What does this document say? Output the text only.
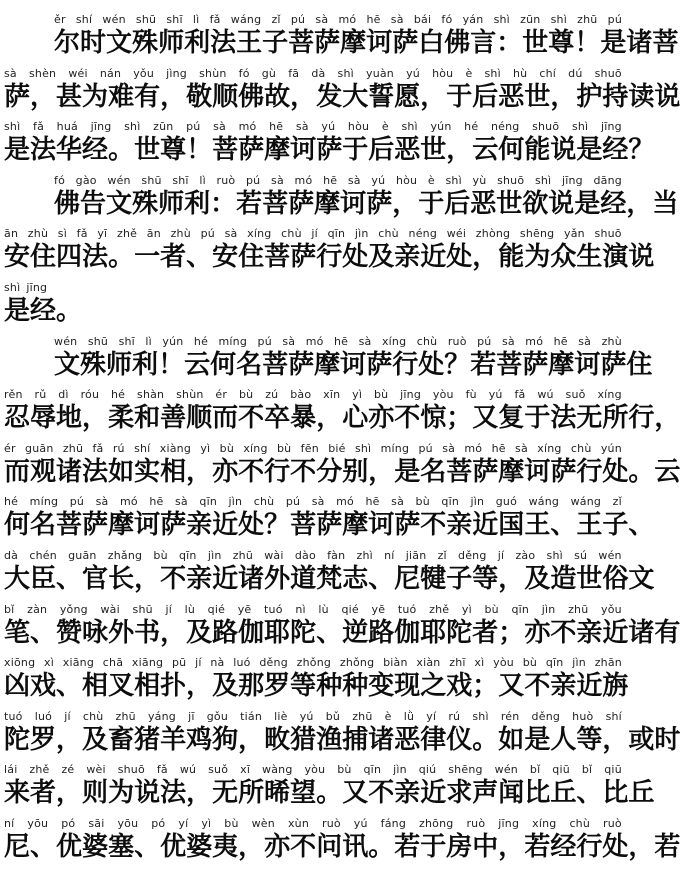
ěr shí wén shū shī lì fǎ wáng zǐ pú sà mó hē sà bái fó yán shì zūn shì zhū pú
尔 时 文 殊 师 利 法 王 子 菩 萨 摩 诃 萨 白 佛 言 ： 世 尊 ！ 是 诸 菩
sà shèn wéi nán yǒu jìng shùn fó gù fā dà shì yuàn yú hòu è shì hù chí dú shuō
萨 ， 甚 为 难 有 ， 敬 顺 佛 故 ， 发 大 誓 愿 ， 于 后 恶 世 ， 护 持 读 说
shì fǎ huá jīng shì zūn pú sà mó hē sà yú hòu è shì yún hé néng shuō shì jīng
是 法 华 经 。 世 尊 ！ 菩 萨 摩 诃 萨 于 后 恶 世 ， 云 何 能 说 是 经 ？
fó gào wén shū shī lì ruò pú sà mó hē sà yú hòu è shì yù shuō shì jīng dāng
佛 告 文 殊 师 利 ： 若 菩 萨 摩 诃 萨 ， 于 后 恶 世 欲 说 是 经 ， 当
ān zhù sì fǎ yī zhě ān zhù pú sà xíng chù jí qīn jìn chù néng wéi zhòng shēng yǎn shuō
安 住 四 法 。 一 者 、 安 住 菩 萨 行 处 及 亲 近 处 ， 能 为 众 生 演 说
shì jīng
是 经 。
wén shū shī lì yún hé míng pú sà mó hē sà xíng chù ruò pú sà mó hē sà zhù
文 殊 师 利 ！ 云 何 名 菩 萨 摩 诃 萨 行 处 ？ 若 菩 萨 摩 诃 萨 住
rěn rǔ dì róu hé shàn shùn ér bù zú bào xīn yì bù jīng yòu fù yú fǎ wú suǒ xíng
忍 辱 地 ， 柔 和 善 顺 而 不 卒 暴 ， 心 亦 不 惊 ； 又 复 于 法 无 所 行 ，
ér guān zhū fǎ rú shí xiàng yì bù xíng bù fēn bié shì míng pú sà mó hē sà xíng chù yún
而 观 诸 法 如 实 相 ， 亦 不 行 不 分 别 ， 是 名 菩 萨 摩 诃 萨 行 处 。 云
hé míng pú sà mó hē sà qīn jìn chù pú sà mó hē sà bù qīn jìn guó wáng wáng zǐ
何 名 菩 萨 摩 诃 萨 亲 近 处 ？ 菩 萨 摩 诃 萨 不 亲 近 国 王 、 王 子 、
dà chén guān zhǎng bù qīn jìn zhū wài dào fàn zhì ní jiān zǐ děng jí zào shì sú wén
大 臣 、 官 长 ， 不 亲 近 诸 外 道 梵 志 、 尼 犍 子 等 ， 及 造 世 俗 文
bǐ zàn yǒng wài shū jí lù qié yē tuó nì lù qié yē tuó zhě yì bù qīn jìn zhū yǒu
笔 、 赞 咏 外 书 ， 及 路 伽 耶 陀 、 逆 路 伽 耶 陀 者 ； 亦 不 亲 近 诸 有
xiōng xì xiāng chā xiāng pū jí nà luó děng zhǒng zhǒng biàn xiàn zhī xì yòu bù qīn jìn zhān
凶 戏 、 相 叉 相 扑 ， 及 那 罗 等 种 种 变 现 之 戏 ； 又 不 亲 近 旃
tuó luó jí chù zhū yáng jī gǒu tián liè yú bǔ zhū è lǜ yí rú shì rén děng huò shí
陀 罗 ， 及 畜 猪 羊 鸡 狗 ， 畋 猎 渔 捕 诸 恶 律 仪 。 如 是 人 等 ， 或 时
lái zhě zé wèi shuō fǎ wú suǒ xī wàng yòu bù qīn jìn qiú shēng wén bǐ qiū bǐ qiū
来 者 ， 则 为 说 法 ， 无 所 晞 望 。 又 不 亲 近 求 声 闻 比 丘 、 比 丘
ní yōu pó sāi yōu pó yí yì bù wèn xùn ruò yú fáng zhōng ruò jīng xíng chù ruò
尼 、 优 婆 塞 、 优 婆 夷 ， 亦 不 问 讯 。 若 于 房 中 ， 若 经 行 处 ， 若
